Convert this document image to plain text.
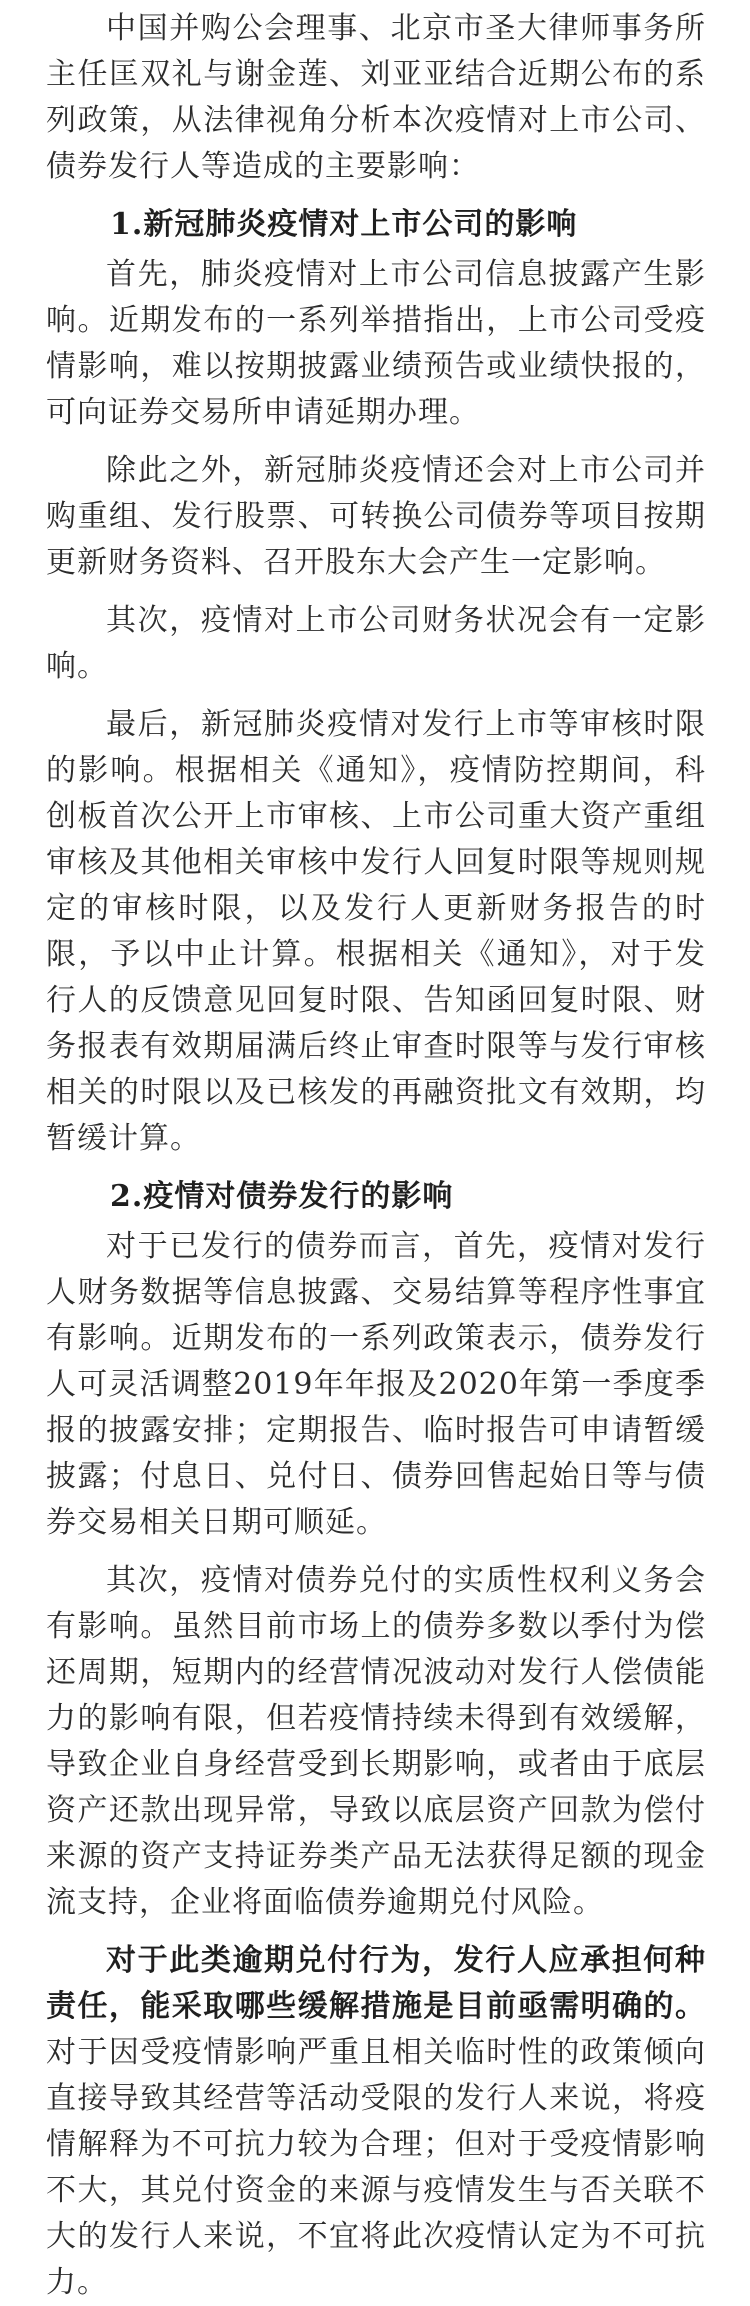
中国并购公会理事、北京市圣大律师事务所主任匡双礼与谢金莲、刘亚亚结合近期公布的系列政策，从法律视角分析本次疫情对上市公司、债券发行人等造成的主要影响：

1.新冠肺炎疫情对上市公司的影响

首先，肺炎疫情对上市公司信息披露产生影响。近期发布的一系列举措指出，上市公司受疫情影响，难以按期披露业绩预告或业绩快报的，可向证券交易所申请延期办理。

除此之外，新冠肺炎疫情还会对上市公司并购重组、发行股票、可转换公司债券等项目按期更新财务资料、召开股东大会产生一定影响。

其次，疫情对上市公司财务状况会有一定影响。

最后，新冠肺炎疫情对发行上市等审核时限的影响。根据相关《通知》，疫情防控期间，科创板首次公开上市审核、上市公司重大资产重组审核及其他相关审核中发行人回复时限等规则规定的审核时限，以及发行人更新财务报告的时限，予以中止计算。根据相关《通知》，对于发行人的反馈意见回复时限、告知函回复时限、财务报表有效期届满后终止审查时限等与发行审核相关的时限以及已核发的再融资批文有效期，均暂缓计算。

2.疫情对债券发行的影响

对于已发行的债券而言，首先，疫情对发行人财务数据等信息披露、交易结算等程序性事宜有影响。近期发布的一系列政策表示，债券发行人可灵活调整2019年年报及2020年第一季度季报的披露安排；定期报告、临时报告可申请暂缓披露；付息日、兑付日、债券回售起始日等与债券交易相关日期可顺延。

其次，疫情对债券兑付的实质性权利义务会有影响。虽然目前市场上的债券多数以季付为偿还周期，短期内的经营情况波动对发行人偿债能力的影响有限，但若疫情持续未得到有效缓解，导致企业自身经营受到长期影响，或者由于底层资产还款出现异常，导致以底层资产回款为偿付来源的资产支持证券类产品无法获得足额的现金流支持，企业将面临债券逾期兑付风险。

对于此类逾期兑付行为，发行人应承担何种责任，能采取哪些缓解措施是目前亟需明确的。对于因受疫情影响严重且相关临时性的政策倾向直接导致其经营等活动受限的发行人来说，将疫情解释为不可抗力较为合理；但对于受疫情影响不大，其兑付资金的来源与疫情发生与否关联不大的发行人来说，不宜将此次疫情认定为不可抗力。
